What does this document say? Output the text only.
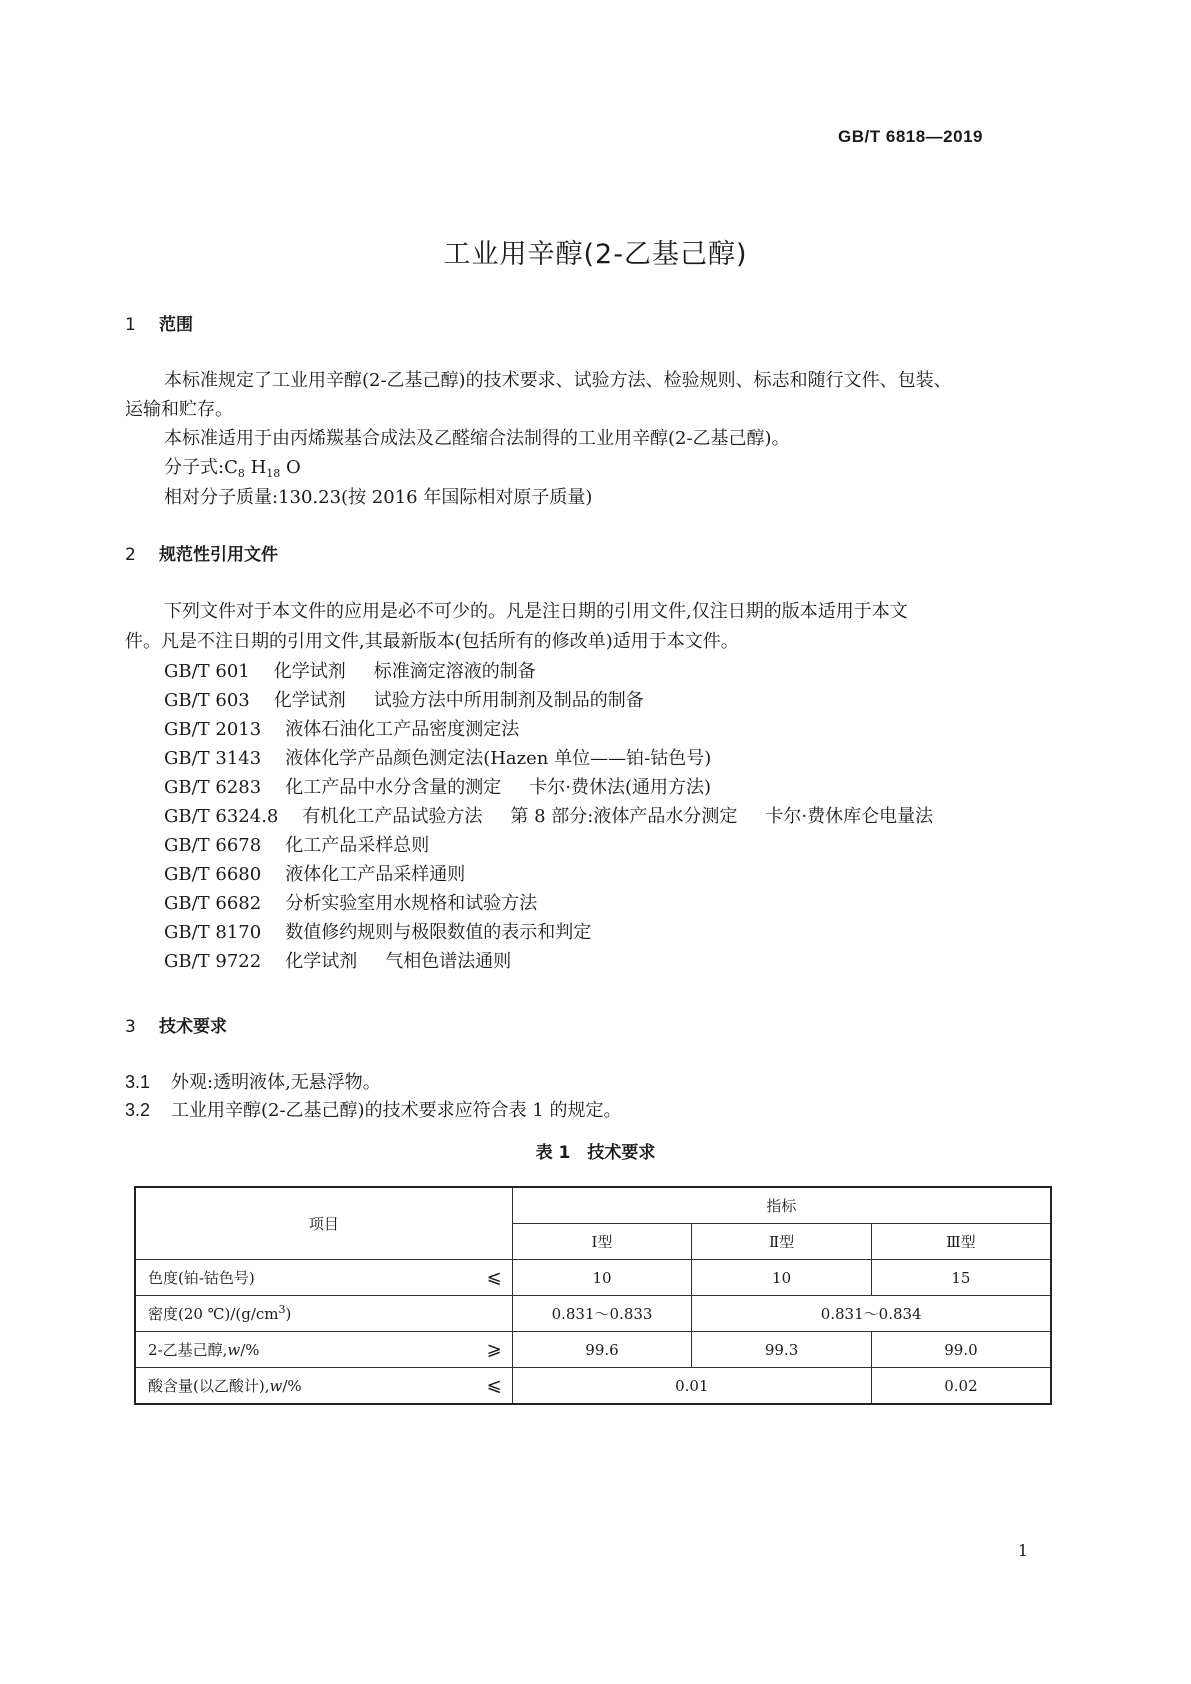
GB/T 6818—2019
工业用辛醇(2-乙基己醇)
1 范围
本标准规定了工业用辛醇(2-乙基己醇)的技术要求、试验方法、检验规则、标志和随行文件、包装、
运输和贮存。
本标准适用于由丙烯羰基合成法及乙醛缩合法制得的工业用辛醇(2-乙基己醇)。
分子式$:C_8$ $H_{18}$ O
相对分子质量:130.23(按 2016 年国际相对原子质量)
2 规范性引用文件
下列文件对于本文件的应用是必不可少的。凡是注日期的引用文件,仅注日期的版本适用于本文
件。凡是不注日期的引用文件,其最新版本(包括所有的修改单)适用于本文件。
GB/T 601 化学试剂 标准滴定溶液的制备
GB/T 603 化学试剂 试验方法中所用制剂及制品的制备
GB/T 2013 液体石油化工产品密度测定法
GB/T 3143 液体化学产品颜色测定法(Hazen 单位——铂-钴色号)
GB/T 6283 化工产品中水分含量的测定 卡尔·费休法(通用方法)
GB/T 6324.8 有机化工产品试验方法 第 8 部分:液体产品水分测定 卡尔·费休库仑电量法
GB/T 6678 化工产品采样总则
GB/T 6680 液体化工产品采样通则
GB/T 6682 分析实验室用水规格和试验方法
GB/T 8170 数值修约规则与极限数值的表示和判定
GB/T 9722 化学试剂 气相色谱法通则
3 技术要求
3.1 外观:透明液体,无悬浮物。
3.2 工业用辛醇(2-乙基己醇)的技术要求应符合表 1 的规定。
表 1　技术要求
项目	指标		
	Ⅰ型	Ⅱ型	Ⅲ型
色度(铂-钴色号) ⩽	10	10	15
密度(20 $℃)/(g/cm^3)$	0.831～0.833	0.831～0.834	
2-乙基己醇,w/% ⩾	99.6	99.3	99.0
酸含量(以乙酸计),w/% ⩽	0.01		0.02
1
